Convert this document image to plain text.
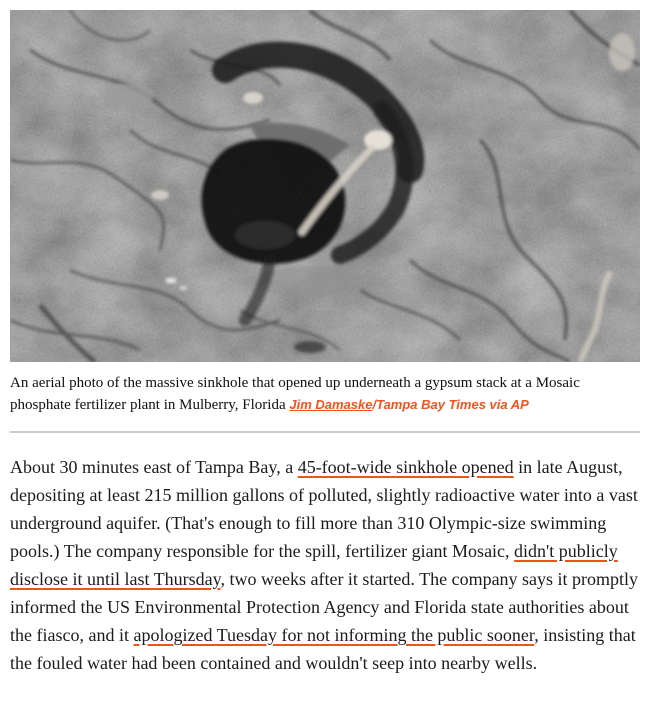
An aerial photo of the massive sinkhole that opened up underneath a gypsum stack at a Mosaic phosphate fertilizer plant in Mulberry, Florida Jim Damaske/Tampa Bay Times via AP

About 30 minutes east of Tampa Bay, a 45-foot-wide sinkhole opened in late August, depositing at least 215 million gallons of polluted, slightly radioactive water into a vast underground aquifer. (That's enough to fill more than 310 Olympic-size swimming pools.) The company responsible for the spill, fertilizer giant Mosaic, didn't publicly disclose it until last Thursday, two weeks after it started. The company says it promptly informed the US Environmental Protection Agency and Florida state authorities about the fiasco, and it apologized Tuesday for not informing the public sooner, insisting that the fouled water had been contained and wouldn't seep into nearby wells.
